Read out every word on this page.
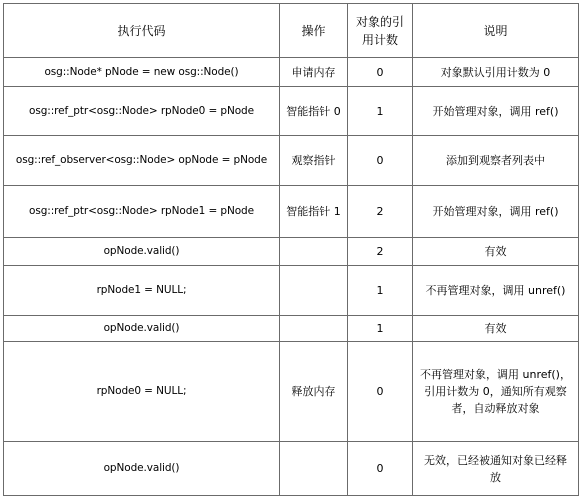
执行代码	操作	对象的引用计数	说明
osg::Node* pNode = new osg::Node()	申请内存	0	对象默认引用计数为 0
osg::ref_ptr<osg::Node> rpNode0 = pNode	智能指针 0	1	开始管理对象，调用 ref()
osg::ref_observer<osg::Node> opNode = pNode	观察指针	0	添加到观察者列表中
osg::ref_ptr<osg::Node> rpNode1 = pNode	智能指针 1	2	开始管理对象，调用 ref()
opNode.valid()		2	有效
rpNode1 = NULL;		1	不再管理对象，调用 unref()
opNode.valid()		1	有效
rpNode0 = NULL;	释放内存	0	不再管理对象，调用 unref()，引用计数为 0，通知所有观察者，自动释放对象
opNode.valid()		0	无效，已经被通知对象已经释放
